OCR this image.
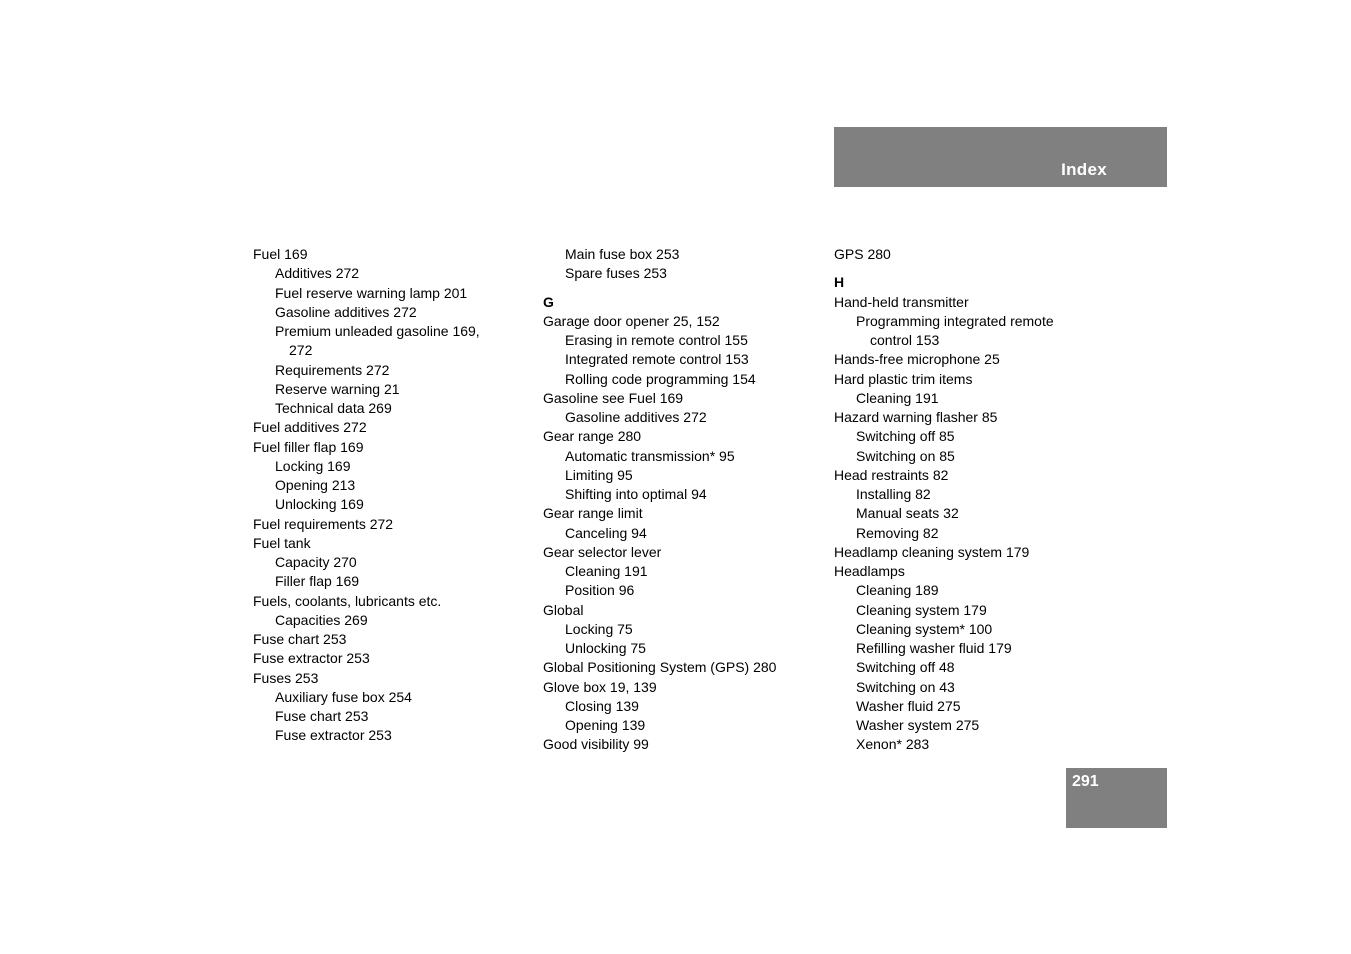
Index
Fuel 169
Additives 272
Fuel reserve warning lamp 201
Gasoline additives 272
Premium unleaded gasoline 169,
272
Requirements 272
Reserve warning 21
Technical data 269
Fuel additives 272
Fuel filler flap 169
Locking 169
Opening 213
Unlocking 169
Fuel requirements 272
Fuel tank
Capacity 270
Filler flap 169
Fuels, coolants, lubricants etc.
Capacities 269
Fuse chart 253
Fuse extractor 253
Fuses 253
Auxiliary fuse box 254
Fuse chart 253
Fuse extractor 253
Main fuse box 253
Spare fuses 253
G
Garage door opener 25, 152
Erasing in remote control 155
Integrated remote control 153
Rolling code programming 154
Gasoline see Fuel 169
Gasoline additives 272
Gear range 280
Automatic transmission* 95
Limiting 95
Shifting into optimal 94
Gear range limit
Canceling 94
Gear selector lever
Cleaning 191
Position 96
Global
Locking 75
Unlocking 75
Global Positioning System (GPS) 280
Glove box 19, 139
Closing 139
Opening 139
Good visibility 99
GPS 280
H
Hand-held transmitter
Programming integrated remote
control 153
Hands-free microphone 25
Hard plastic trim items
Cleaning 191
Hazard warning flasher 85
Switching off 85
Switching on 85
Head restraints 82
Installing 82
Manual seats 32
Removing 82
Headlamp cleaning system 179
Headlamps
Cleaning 189
Cleaning system 179
Cleaning system* 100
Refilling washer fluid 179
Switching off 48
Switching on 43
Washer fluid 275
Washer system 275
Xenon* 283
291
